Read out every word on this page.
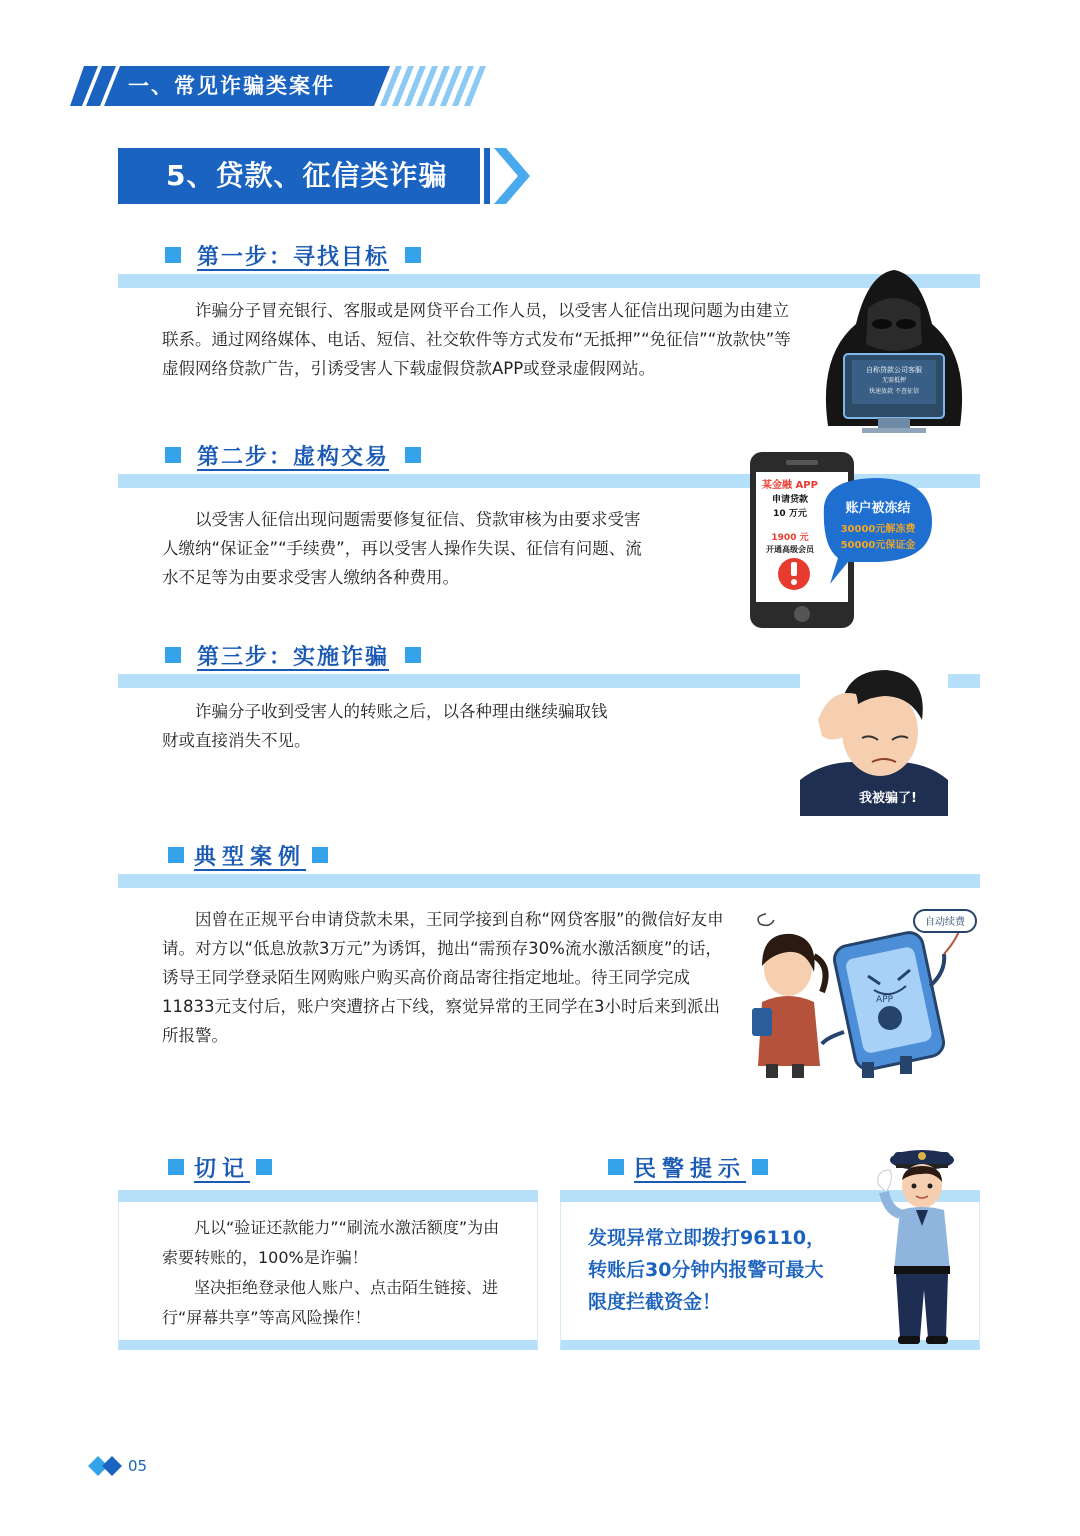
一、常见诈骗类案件
5、贷款、征信类诈骗
第一步：寻找目标
诈骗分子冒充银行、客服或是网贷平台工作人员，以受害人征信出现问题为由建立联系。通过网络媒体、电话、短信、社交软件等方式发布“无抵押”“免征信”“放款快”等虚假网络贷款广告，引诱受害人下载虚假贷款APP或登录虚假网站。	自称贷款公司客服
无需抵押
快速放款 不查征信
第二步：虚构交易
以受害人征信出现问题需要修复征信、贷款审核为由要求受害人缴纳“保证金”“手续费”，再以受害人操作失误、征信有问题、流水不足等为由要求受害人缴纳各种费用。
某金融 APP
申请贷款
10 万元
1900 元
开通高级会员
账户被冻结
30000元解冻费
50000元保证金
第三步：实施诈骗
诈骗分子收到受害人的转账之后，以各种理由继续骗取钱财或直接消失不见。
我被骗了!
典型案例
因曾在正规平台申请贷款未果，王同学接到自称“网贷客服”的微信好友申请。对方以“低息放款3万元”为诱饵，抛出“需预存30%流水激活额度”的话，诱导王同学登录陌生网购账户购买高价商品寄往指定地址。待王同学完成11833元支付后，账户突遭挤占下线，察觉异常的王同学在3小时后来到派出所报警。
APP
自动续费
切记
凡以“验证还款能力”“刷流水激活额度”为由索要转账的，100%是诈骗！
坚决拒绝登录他人账户、点击陌生链接、进行“屏幕共享”等高风险操作！
民警提示
发现异常立即拨打96110，转账后30分钟内报警可最大限度拦截资金！
05
